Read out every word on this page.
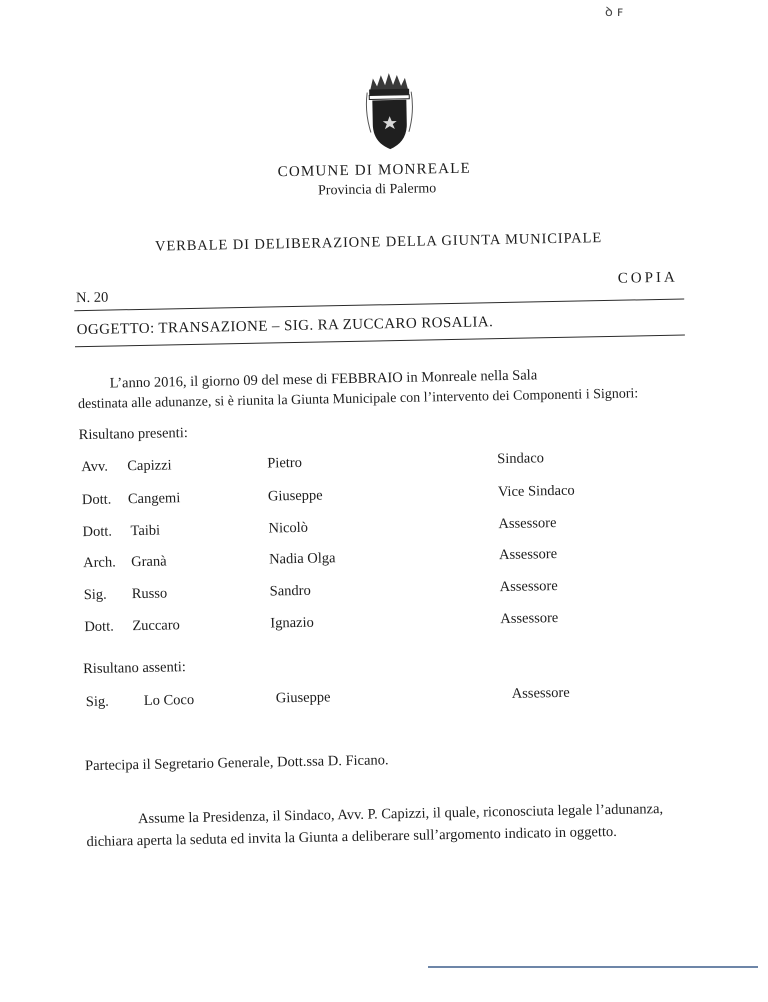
ꝺ ꜰ
COMUNE DI MONREALE
Provincia di Palermo
VERBALE DI DELIBERAZIONE DELLA GIUNTA MUNICIPALE
COPIA
N. 20
OGGETTO: TRANSAZIONE – SIG. RA ZUCCARO ROSALIA.
L’anno 2016, il giorno 09 del mese di FEBBRAIO in Monreale nella Sala
destinata alle adunanze, si è riunita la Giunta Municipale con l’intervento dei Componenti i Signori:
Risultano presenti:
Avv. Capizzi	Pietro	Sindaco
Dott. Cangemi	Giuseppe	Vice Sindaco
Dott. Taibi	Nicolò	Assessore
Arch. Granà	Nadia Olga	Assessore
Sig. Russo	Sandro	Assessore
Dott. Zuccaro	Ignazio	Assessore
Risultano assenti:
Sig. Lo Coco	Giuseppe	Assessore
Partecipa il Segretario Generale, Dott.ssa D. Ficano.
Assume la Presidenza, il Sindaco, Avv. P. Capizzi, il quale, riconosciuta legale l’adunanza,
dichiara aperta la seduta ed invita la Giunta a deliberare sull’argomento indicato in oggetto.
